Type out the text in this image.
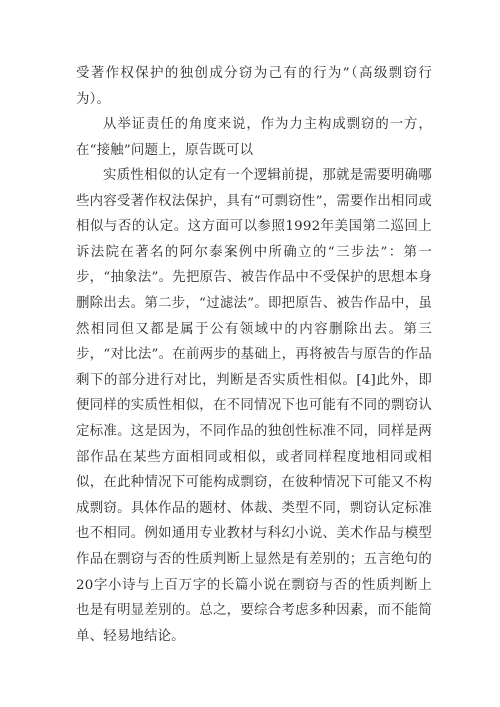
受著作权保护的独创成分窃为己有的行为”（高级剽窃行为）。

从举证责任的角度来说，作为力主构成剽窃的一方，在“接触”问题上，原告既可以

实质性相似的认定有一个逻辑前提，那就是需要明确哪些内容受著作权法保护，具有“可剽窃性”，需要作出相同或相似与否的认定。这方面可以参照1992年美国第二巡回上诉法院在著名的阿尔泰案例中所确立的“三步法”：第一步，“抽象法”。先把原告、被告作品中不受保护的思想本身删除出去。第二步，“过滤法”。即把原告、被告作品中，虽然相同但又都是属于公有领域中的内容删除出去。第三步，“对比法”。在前两步的基础上，再将被告与原告的作品剩下的部分进行对比，判断是否实质性相似。[4]此外，即便同样的实质性相似，在不同情况下也可能有不同的剽窃认定标准。这是因为，不同作品的独创性标准不同，同样是两部作品在某些方面相同或相似，或者同样程度地相同或相似，在此种情况下可能构成剽窃，在彼种情况下可能又不构成剽窃。具体作品的题材、体裁、类型不同，剽窃认定标准也不相同。例如通用专业教材与科幻小说、美术作品与模型作品在剽窃与否的性质判断上显然是有差别的；五言绝句的20字小诗与上百万字的长篇小说在剽窃与否的性质判断上也是有明显差别的。总之，要综合考虑多种因素，而不能简单、轻易地结论。
